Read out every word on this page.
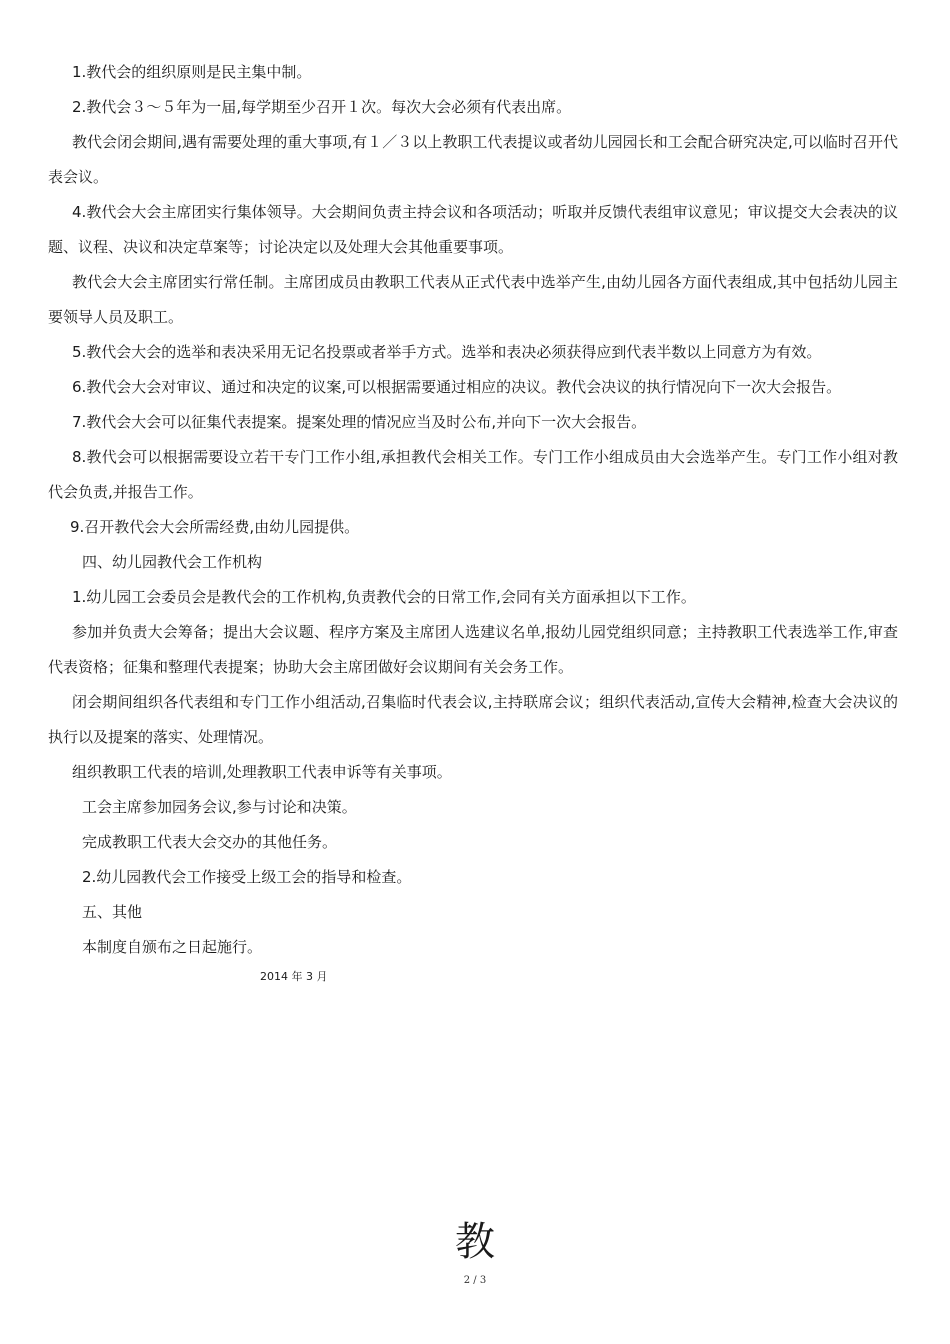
1.教代会的组织原则是民主集中制。

2.教代会３～５年为一届,每学期至少召开１次。每次大会必须有代表出席。

教代会闭会期间,遇有需要处理的重大事项,有１／３以上教职工代表提议或者幼儿园园长和工会配合研究决定,可以临时召开代表会议。

4.教代会大会主席团实行集体领导。大会期间负责主持会议和各项活动；听取并反馈代表组审议意见；审议提交大会表决的议题、议程、决议和决定草案等；讨论决定以及处理大会其他重要事项。

教代会大会主席团实行常任制。主席团成员由教职工代表从正式代表中选举产生,由幼儿园各方面代表组成,其中包括幼儿园主要领导人员及职工。

5.教代会大会的选举和表决采用无记名投票或者举手方式。选举和表决必须获得应到代表半数以上同意方为有效。

6.教代会大会对审议、通过和决定的议案,可以根据需要通过相应的决议。教代会决议的执行情况向下一次大会报告。

7.教代会大会可以征集代表提案。提案处理的情况应当及时公布,并向下一次大会报告。

8.教代会可以根据需要设立若干专门工作小组,承担教代会相关工作。专门工作小组成员由大会选举产生。专门工作小组对教代会负责,并报告工作。

9.召开教代会大会所需经费,由幼儿园提供。

四、幼儿园教代会工作机构

1.幼儿园工会委员会是教代会的工作机构,负责教代会的日常工作,会同有关方面承担以下工作。

参加并负责大会筹备；提出大会议题、程序方案及主席团人选建议名单,报幼儿园党组织同意；主持教职工代表选举工作,审查代表资格；征集和整理代表提案；协助大会主席团做好会议期间有关会务工作。

闭会期间组织各代表组和专门工作小组活动,召集临时代表会议,主持联席会议；组织代表活动,宣传大会精神,检查大会决议的执行以及提案的落实、处理情况。

组织教职工代表的培训,处理教职工代表申诉等有关事项。

工会主席参加园务会议,参与讨论和决策。

完成教职工代表大会交办的其他任务。

2.幼儿园教代会工作接受上级工会的指导和检查。

五、其他

本制度自颁布之日起施行。

2014 年 3 月
教
2 / 3
